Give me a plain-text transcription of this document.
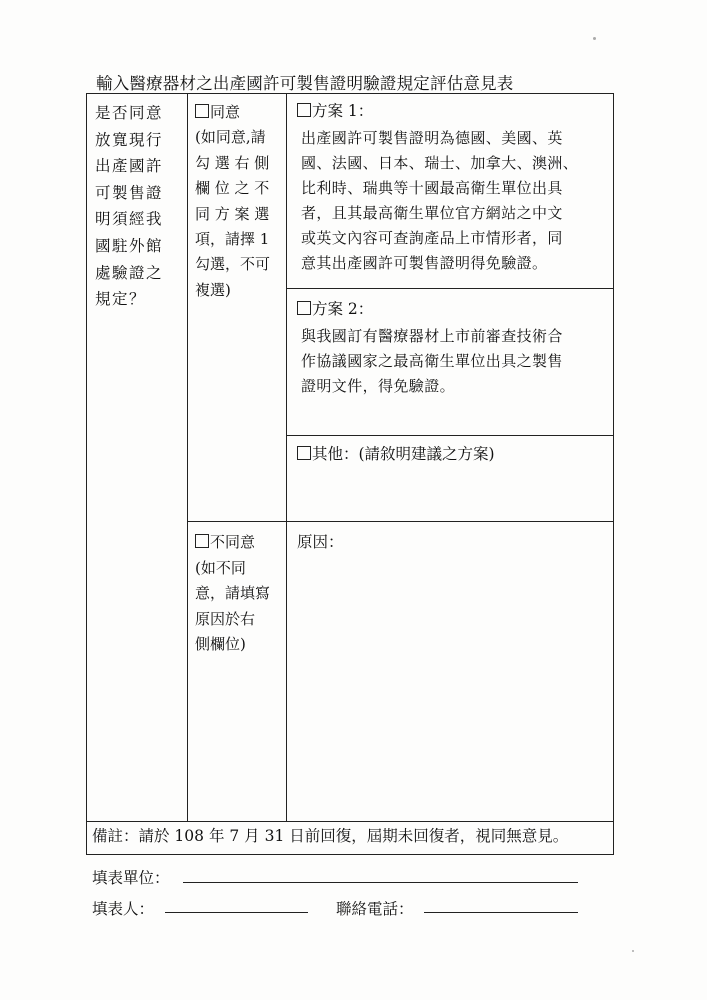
輸入醫療器材之出產國許可製售證明驗證規定評估意見表
是否同意
放寬現行
出產國許
可製售證
明須經我
國駐外館
處驗證之
規定？
同意
(如同意,請
勾 選 右 側
欄 位 之 不
同 方 案 選
項，請擇 1
勾選，不可
複選)
方案 1：
出產國許可製售證明為德國、美國、英
國、法國、日本、瑞士、加拿大、澳洲、
比利時、瑞典等十國最高衛生單位出具
者，且其最高衛生單位官方網站之中文
或英文內容可查詢產品上市情形者，同
意其出產國許可製售證明得免驗證。
方案 2：
與我國訂有醫療器材上市前審查技術合
作協議國家之最高衛生單位出具之製售
證明文件，得免驗證。
其他：(請敘明建議之方案)
不同意
(如不同
意，請填寫
原因於右
側欄位)
原因：
備註：請於 108 年 7 月 31 日前回復，屆期未回復者，視同無意見。
填表單位：
填表人：	聯絡電話：
